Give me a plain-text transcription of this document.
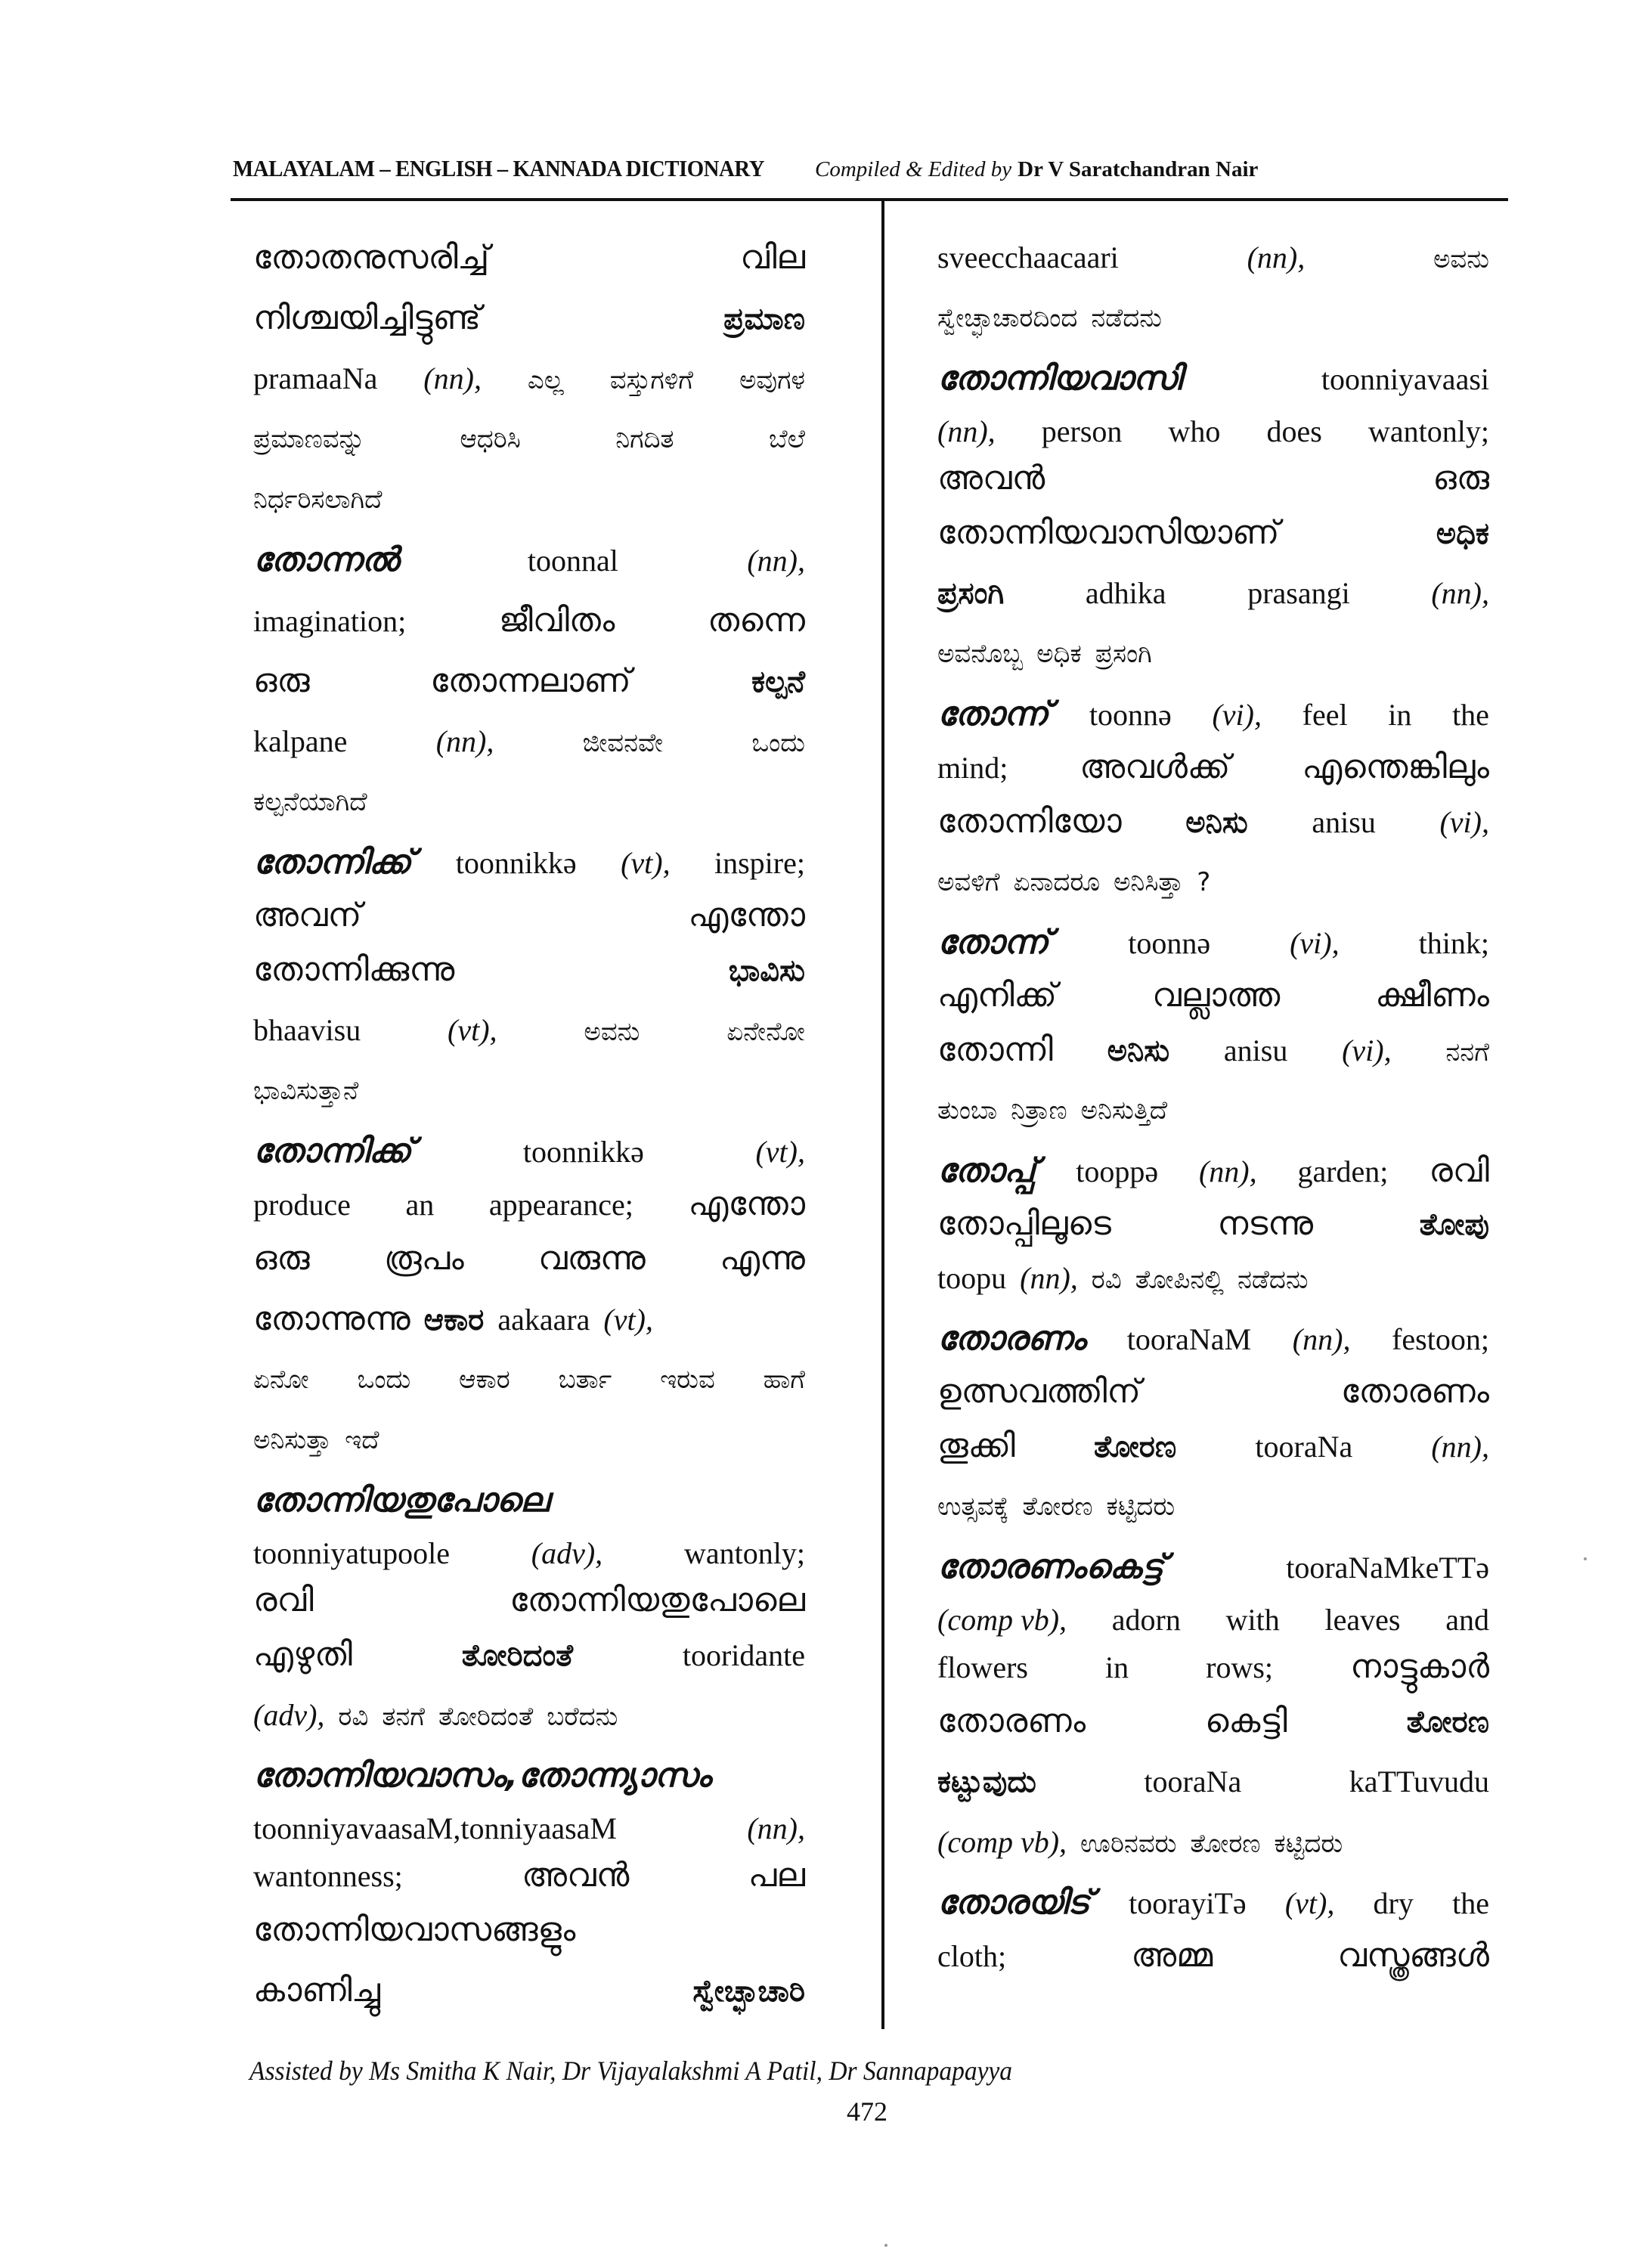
MALAYALAM – ENGLISH – KANNADA DICTIONARY Compiled & Edited by Dr V Saratchandran Nair
തോതനുസരിച്ച്	വില
നിശ്ചയിച്ചിട്ടുണ്ട്	ಪ್ರಮಾಣ
pramaaNa (nn), ಎಲ್ಲ ವಸ್ತುಗಳಿಗೆ ಅವುಗಳ
ಪ್ರಮಾಣವನ್ನು	ಆಧರಿಸಿ	ನಿಗದಿತ	ಬೆಲೆ
ನಿರ್ಧರಿಸಲಾಗಿದೆ
തോന്നൽ	toonnal	(nn),
imagination;	ജീവിതം	തന്നെ
ഒരു	തോന്നലാണ്	ಕಲ್ಪನೆ
kalpane	(nn),	ಜೀವನವೇ	ಒಂದು
ಕಲ್ಪನೆಯಾಗಿದೆ
തോന്നിക്ക് toonnikkə (vt), inspire;
അവന്	എന്തോ
തോന്നിക്കുന്നു	ಭಾವಿಸು
bhaavisu	(vt),	ಅವನು	ಏನೇನೋ
ಭಾವಿಸುತ್ತಾನೆ
തോന്നിക്ക്	toonnikkə	(vt),
produce an appearance; എന്തോ
ഒരു രൂപം വരുന്നു എന്നു
തോന്നുന്നു ಆಕಾರ aakaara (vt),
ಏನೋ ಒಂದು ಆಕಾರ ಬರ್ತಾ ಇರುವ ಹಾಗೆ
ಅನಿಸುತ್ತಾ ಇದೆ
തോന്നിയതുപോലെ
toonniyatupoole	(adv),	wantonly;
രവി	തോന്നിയതുപോലെ
എഴുതി	ತೋರಿದಂತೆ	tooridante
(adv), ರವಿ ತನಗೆ ತೋರಿದಂತೆ ಬರೆದನು
തോന്നിയവാസം,തോന്ന്യാസം
toonniyavaasaM,tonniyaasaM	(nn),
wantonness;	അവൻ	പല
തോന്നിയവാസങ്ങളും
കാണിച്ചു	ಸ್ವೇಚ್ಛಾಚಾರಿ
sveecchaacaari	(nn),	ಅವನು
ಸ್ವೇಚ್ಛಾಚಾರದಿಂದ ನಡೆದನು
തോന്നിയവാസി	toonniyavaasi
(nn), person who does wantonly;
അവൻ	ഒരു
തോന്നിയവാസിയാണ്	ಅಧಿಕ
ಪ್ರಸಂಗಿ	adhika	prasangi	(nn),
ಅವನೊಬ್ಬ ಅಧಿಕ ಪ್ರಸಂಗಿ
തോന്ന് toonnə (vi), feel in the
mind; അവൾക്ക് എന്തെങ്കിലും
തോന്നിയോ ಅನಿಸು anisu (vi),
ಅವಳಿಗೆ ಏನಾದರೂ ಅನಿಸಿತ್ತಾ ?
തോന്ന്	toonnə	(vi),	think;
എനിക്ക്	വല്ലാത്ത	ക്ഷീണം
തോന്നി ಅನಿಸು anisu (vi), ನನಗೆ
ತುಂಬಾ ನಿತ್ರಾಣ ಅನಿಸುತ್ತಿದೆ
തോപ്പ് tooppə (nn), garden; രവി
തോപ്പിലൂടെ	നടന്നു	ತೋಪು
toopu (nn), ರವಿ ತೋಪಿನಲ್ಲಿ ನಡೆದನು
തോരണം tooraNaM (nn), festoon;
ഉത്സവത്തിന്	തോരണം
തൂക്കി	ತೋರಣ	tooraNa	(nn),
ಉತ್ಸವಕ್ಕೆ ತೋರಣ ಕಟ್ಟಿದರು
തോരണംകെട്ട്	tooraNaMkeTTə
(comp vb), adorn with leaves and
flowers	in	rows; നാട്ടുകാർ
തോരണം	കെട്ടി	ತೋರಣ
ಕಟ್ಟುವುದು	tooraNa	kaTTuvudu
(comp vb), ಊರಿನವರು ತೋರಣ ಕಟ್ಟಿದರು
തോരയിട് toorayiTə (vt), dry the
cloth;	അമ്മ	വസ്ത്രങ്ങൾ
Assisted by Ms Smitha K Nair, Dr Vijayalakshmi A Patil, Dr Sannapapayya
472
